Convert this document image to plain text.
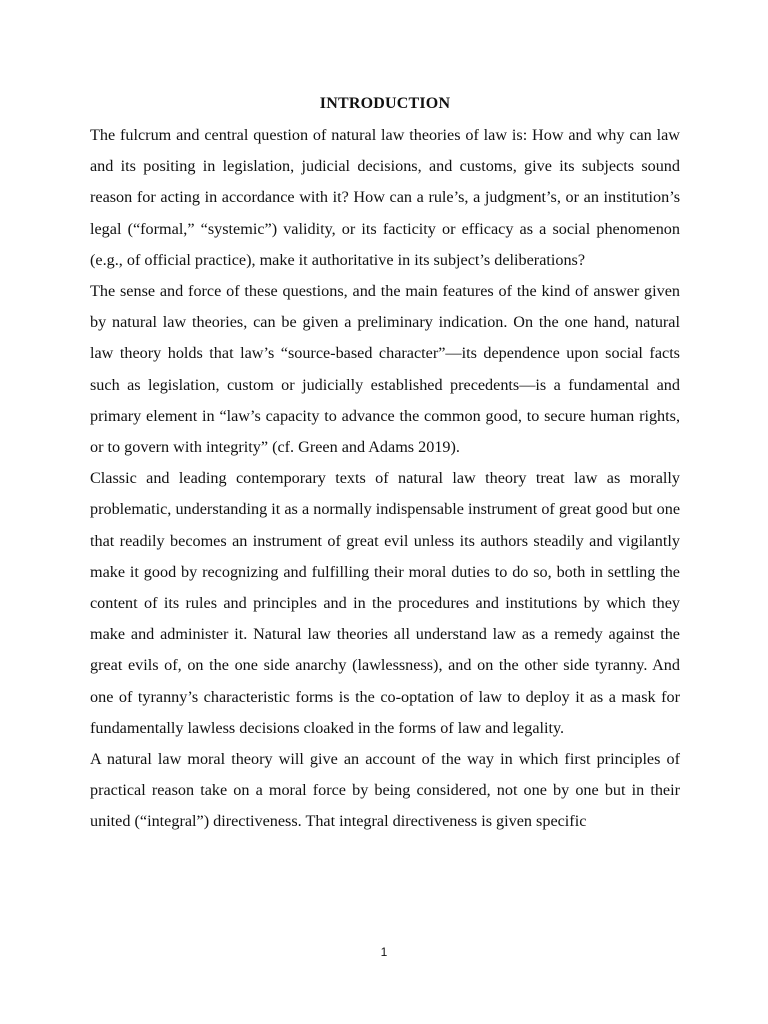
INTRODUCTION

The fulcrum and central question of natural law theories of law is: How and why can law and its positing in legislation, judicial decisions, and customs, give its subjects sound reason for acting in accordance with it? How can a rule’s, a judgment’s, or an institution’s legal (“formal,” “systemic”) validity, or its facticity or efficacy as a social phenomenon (e.g., of official practice), make it authoritative in its subject’s deliberations?

The sense and force of these questions, and the main features of the kind of answer given by natural law theories, can be given a preliminary indication. On the one hand, natural law theory holds that law’s “source-based character”—its dependence upon social facts such as legislation, custom or judicially established precedents—is a fundamental and primary element in “law’s capacity to advance the common good, to secure human rights, or to govern with integrity” (cf. Green and Adams 2019).

Classic and leading contemporary texts of natural law theory treat law as morally problematic, understanding it as a normally indispensable instrument of great good but one that readily becomes an instrument of great evil unless its authors steadily and vigilantly make it good by recognizing and fulfilling their moral duties to do so, both in settling the content of its rules and principles and in the procedures and institutions by which they make and administer it. Natural law theories all understand law as a remedy against the great evils of, on the one side anarchy (lawlessness), and on the other side tyranny. And one of tyranny’s characteristic forms is the co-optation of law to deploy it as a mask for fundamentally lawless decisions cloaked in the forms of law and legality.

A natural law moral theory will give an account of the way in which first principles of practical reason take on a moral force by being considered, not one by one but in their united (“integral”) directiveness. That integral directiveness is given specific

1
